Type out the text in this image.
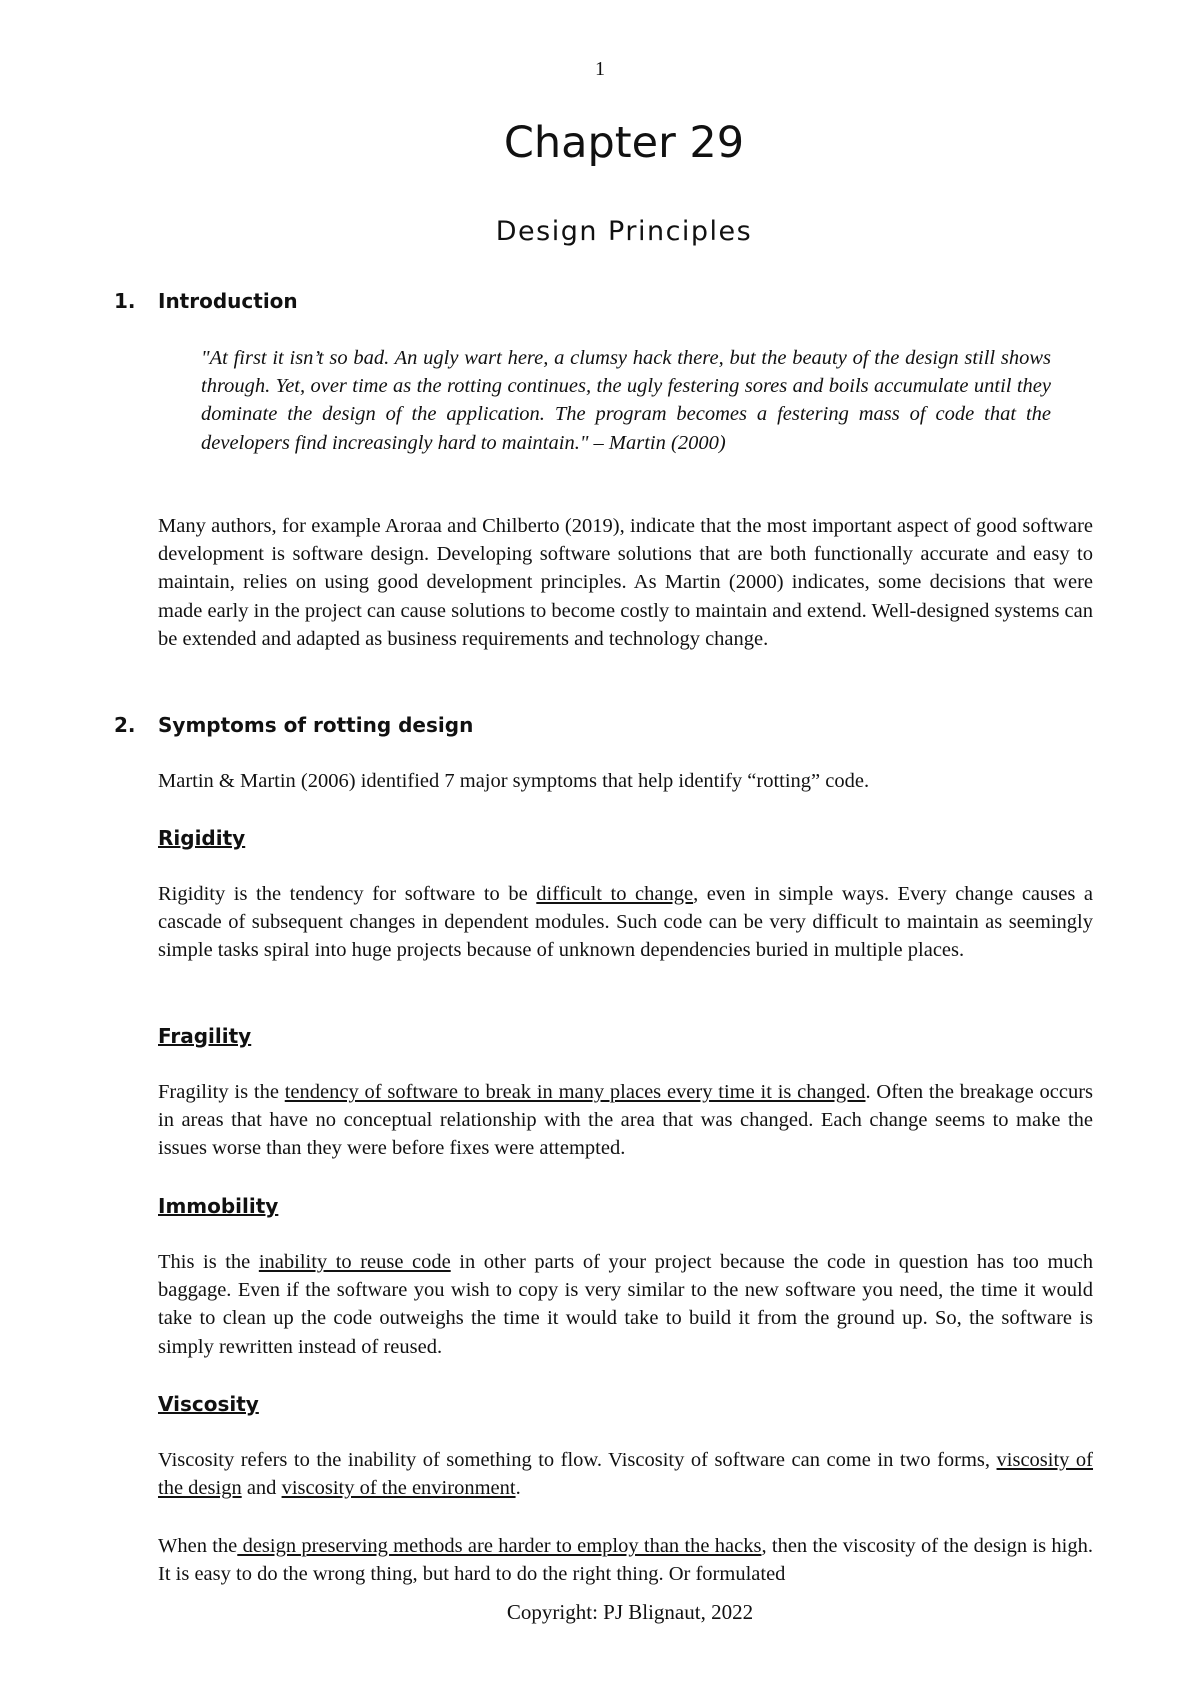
1
Chapter 29
Design Principles
1. Introduction
"At first it isn’t so bad. An ugly wart here, a clumsy hack there, but the beauty of the design still shows through. Yet, over time as the rotting continues, the ugly festering sores and boils accumulate until they dominate the design of the application. The program becomes a festering mass of code that the developers find increasingly hard to maintain." – Martin (2000)
Many authors, for example Aroraa and Chilberto (2019), indicate that the most important aspect of good software development is software design. Developing software solutions that are both functionally accurate and easy to maintain, relies on using good development principles. As Martin (2000) indicates, some decisions that were made early in the project can cause solutions to become costly to maintain and extend. Well-designed systems can be extended and adapted as business requirements and technology change.
2. Symptoms of rotting design
Martin & Martin (2006) identified 7 major symptoms that help identify “rotting” code.
Rigidity
Rigidity is the tendency for software to be difficult to change, even in simple ways. Every change causes a cascade of subsequent changes in dependent modules. Such code can be very difficult to maintain as seemingly simple tasks spiral into huge projects because of unknown dependencies buried in multiple places.
Fragility
Fragility is the tendency of software to break in many places every time it is changed. Often the breakage occurs in areas that have no conceptual relationship with the area that was changed. Each change seems to make the issues worse than they were before fixes were attempted.
Immobility
This is the inability to reuse code in other parts of your project because the code in question has too much baggage. Even if the software you wish to copy is very similar to the new software you need, the time it would take to clean up the code outweighs the time it would take to build it from the ground up. So, the software is simply rewritten instead of reused.
Viscosity
Viscosity refers to the inability of something to flow. Viscosity of software can come in two forms, viscosity of the design and viscosity of the environment.
When the design preserving methods are harder to employ than the hacks, then the viscosity of the design is high. It is easy to do the wrong thing, but hard to do the right thing. Or formulated
Copyright: PJ Blignaut, 2022
